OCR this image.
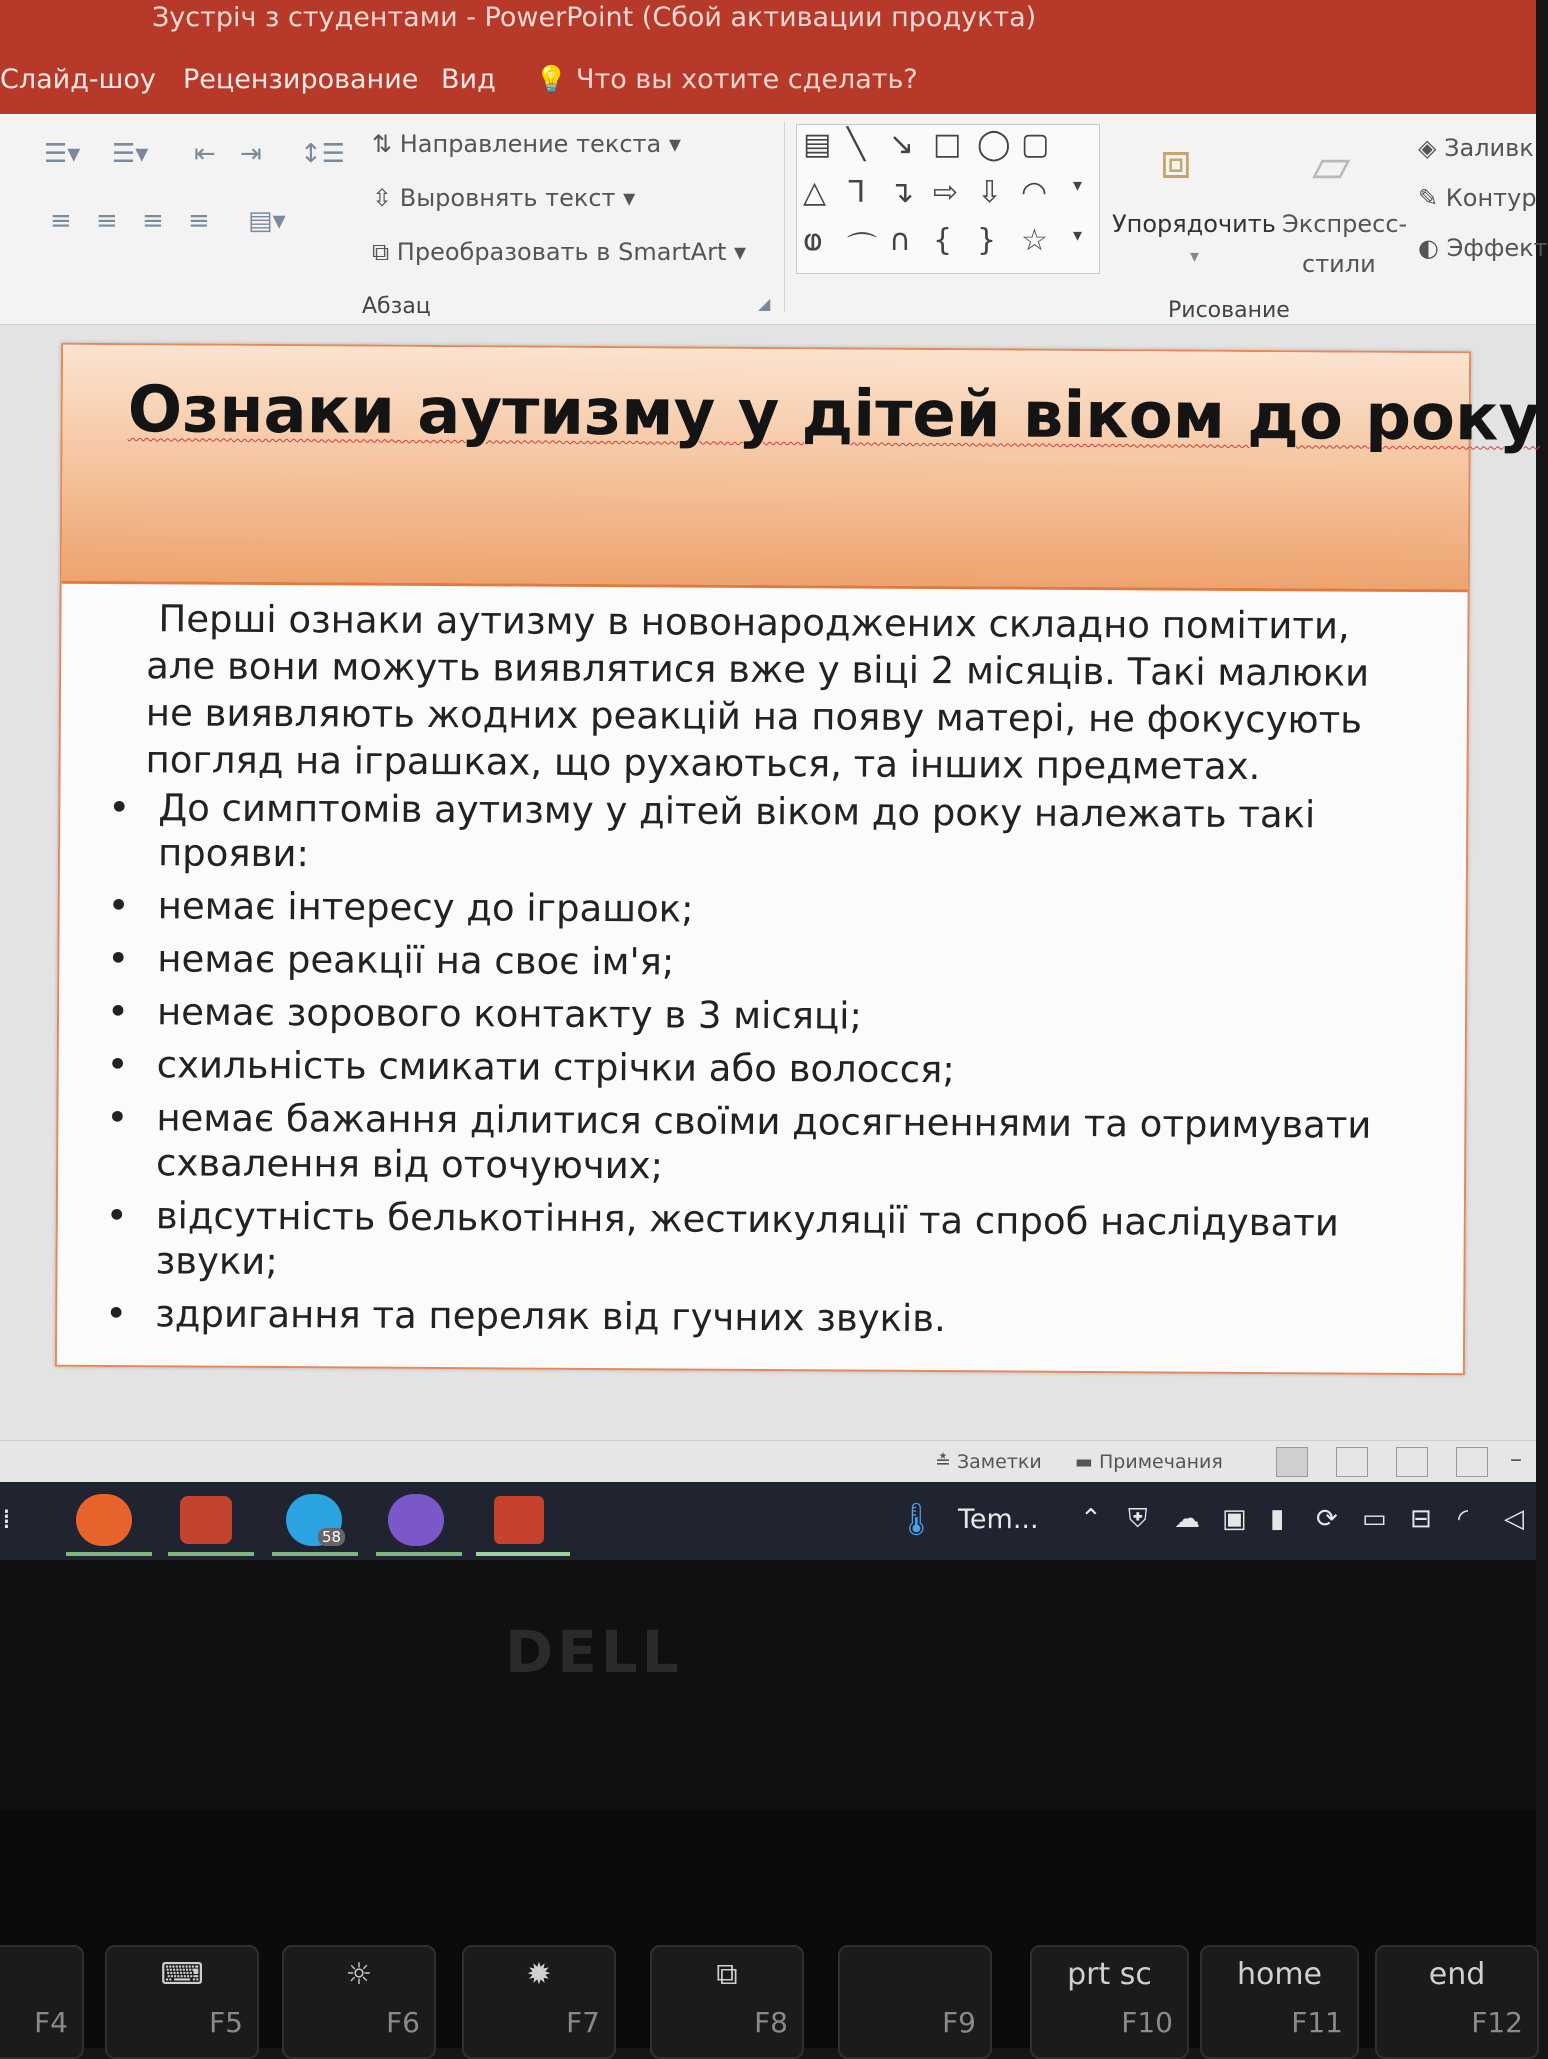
Зустріч з студентами - PowerPoint (Сбой активации продукта)
Слайд-шоу Рецензирование Вид 💡 Что вы хотите сделать?
☰▾ ☰▾ ⇤ ⇥ ↕☰
≡ ≡ ≡ ≡ ▤▾
⇅ Направление текста ▾
⇳ Выровнять текст ▾
⧉ Преобразовать в SmartArt ▾
Абзац	◢
▤ ╲ ↘ □ ◯ ▢
△ ᒣ ↴ ⇨ ⇩ ◠
ⱷ ⌒ ∩ { } ☆
▾
▾
⧈
Упорядочить
▾
▱
Экспресс-
стили
◈ Заливк
✎ Контур
◐ Эффект
Рисование
Ознаки аутизму у дітей віком до року
Перші ознаки аутизму в новонароджених складно помітити, але вони можуть виявлятися вже у віці 2 місяців. Такі малюки не виявляють жодних реакцій на появу матері, не фокусують погляд на іграшках, що рухаються, та інших предметах.
• До симптомів аутизму у дітей віком до року належать такі прояви:
• немає інтересу до іграшок;
• немає реакції на своє ім'я;
• немає зорового контакту в 3 місяці;
• схильність смикати стрічки або волосся;
• немає бажання ділитися своїми досягненнями та отримувати схвалення від оточуючих;
• відсутність белькотіння, жестикуляції та спроб наслідувати звуки;
• здригання та переляк від гучних звуків.
≛ Заметки ▬ Примечания	–
⁞
58	🌡 Tem... ⌃ ⛨ ☁ ▣ ▮ ⟳ ▭ ⊟ ◜ ◁
DELL
F4
⌨
F5
☼
F6
✹
F7
⧉
F8	F9
prt sc
F10
home
F11
end
F12
